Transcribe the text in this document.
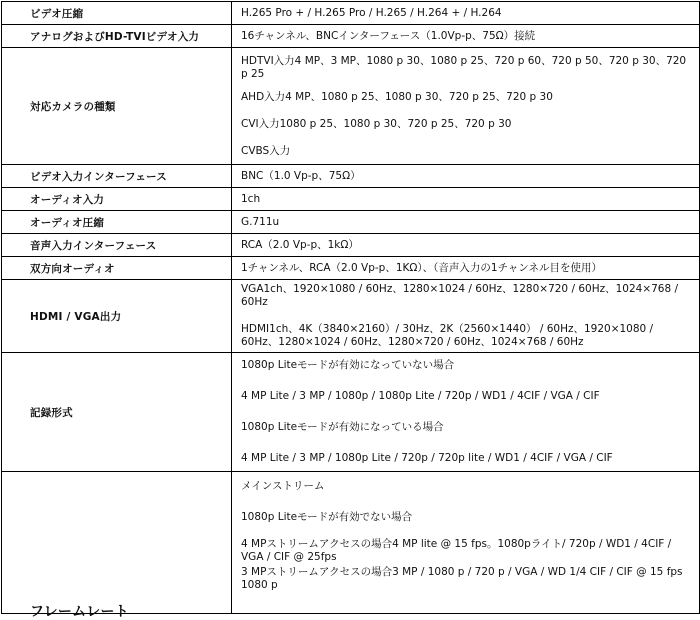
ビデオ圧縮	H.265 Pro + / H.265 Pro / H.265 / H.264 + / H.264
アナログおよびHD-TVIビデオ入力	16チャンネル、BNCインターフェース（1.0Vp-p、75Ω）接続
対応カメラの種類	HDTVI入力4 MP、3 MP、1080 p 30、1080 p 25、720 p 60、720 p 50、720 p 30、720 p 25
AHD入力4 MP、1080 p 25、1080 p 30、720 p 25、720 p 30
CVI入力1080 p 25、1080 p 30、720 p 25、720 p 30
CVBS入力

ビデオ入力インターフェース	BNC（1.0 Vp-p、75Ω）
オーディオ入力	1ch
オーディオ圧縮	G.711u
音声入力インターフェース	RCA（2.0 Vp-p、1kΩ）
双方向オーディオ	1チャンネル、RCA（2.0 Vp-p、1KΩ）、（音声入力の1チャンネル目を使用）
HDMI / VGA出力	VGA1ch、1920×1080 / 60Hz、1280×1024 / 60Hz、1280×720 / 60Hz、1024×768 / 60Hz
HDMI1ch、4K（3840×2160）/ 30Hz、2K（2560×1440） / 60Hz、1920×1080 / 60Hz、1280×1024 / 60Hz、1280×720 / 60Hz、1024×768 / 60Hz

記録形式	1080p Liteモードが有効になっていない場合
4 MP Lite / 3 MP / 1080p / 1080p Lite / 720p / WD1 / 4CIF / VGA / CIF
1080p Liteモードが有効になっている場合
4 MP Lite / 3 MP / 1080p Lite / 720p / 720p lite / WD1 / 4CIF / VGA / CIF

フレームレート	メインストリーム
1080p Liteモードが有効でない場合
4 MPストリームアクセスの場合4 MP lite @ 15 fps。1080pライト/ 720p / WD1 / 4CIF / VGA / CIF @ 25fps
3 MPストリームアクセスの場合3 MP / 1080 p / 720 p / VGA / WD 1/4 CIF / CIF @ 15 fps 1080 p
